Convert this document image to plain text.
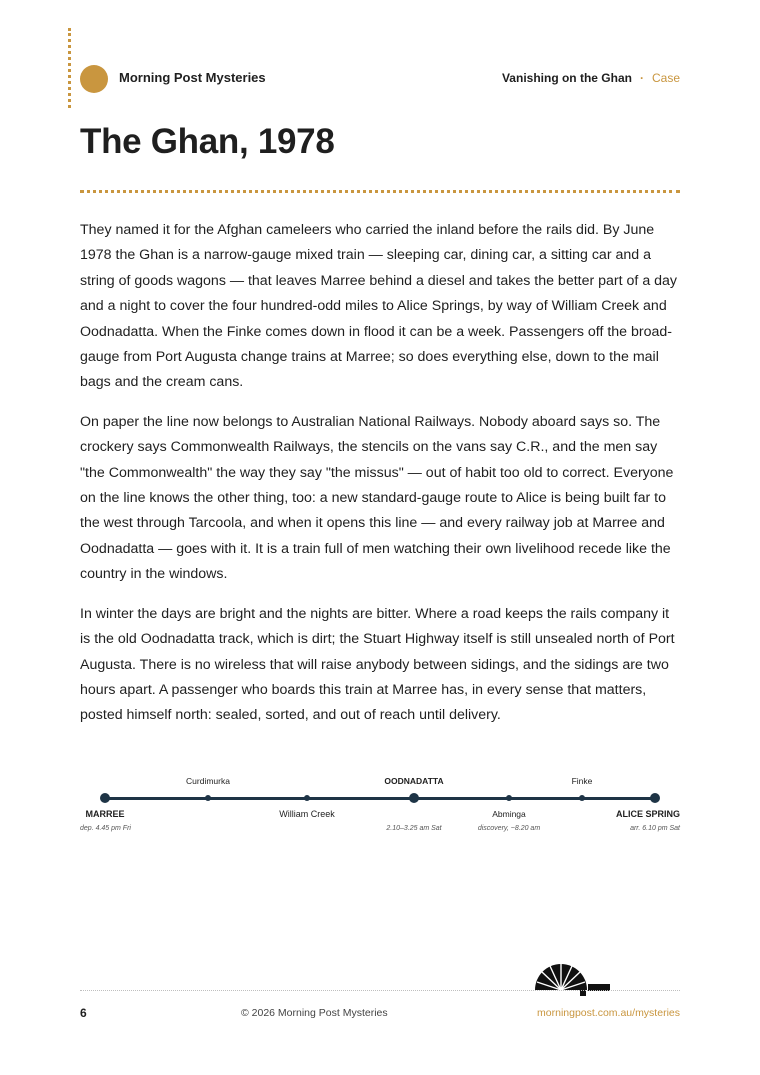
Morning Post Mysteries	Vanishing on the Ghan · Case
The Ghan, 1978

They named it for the Afghan cameleers who carried the inland before the rails did. By June 1978 the Ghan is a narrow-gauge mixed train — sleeping car, dining car, a sitting car and a string of goods wagons — that leaves Marree behind a diesel and takes the better part of a day and a night to cover the four hundred-odd miles to Alice Springs, by way of William Creek and Oodnadatta. When the Finke comes down in flood it can be a week. Passengers off the broad-gauge from Port Augusta change trains at Marree; so does everything else, down to the mail bags and the cream cans.

On paper the line now belongs to Australian National Railways. Nobody aboard says so. The crockery says Commonwealth Railways, the stencils on the vans say C.R., and the men say "the Commonwealth" the way they say "the missus" — out of habit too old to correct. Everyone on the line knows the other thing, too: a new standard-gauge route to Alice is being built far to the west through Tarcoola, and when it opens this line — and every railway job at Marree and Oodnadatta — goes with it. It is a train full of men watching their own livelihood recede like the country in the windows.

In winter the days are bright and the nights are bitter. Where a road keeps the rails company it is the old Oodnadatta track, which is dirt; the Stuart Highway itself is still unsealed north of Port Augusta. There is no wireless that will raise anybody between sidings, and the sidings are two hours apart. A passenger who boards this train at Marree has, in every sense that matters, posted himself north: sealed, sorted, and out of reach until delivery.

Curdimurka	OODNADATTA	Finke
MARREE	William Creek	Abminga	ALICE SPRING
dep. 4.45 pm Fri	2.10–3.25 am Sat	discovery, ~8.20 am	arr. 6.10 pm Sat
6	© 2026 Morning Post Mysteries	morningpost.com.au/mysteries
